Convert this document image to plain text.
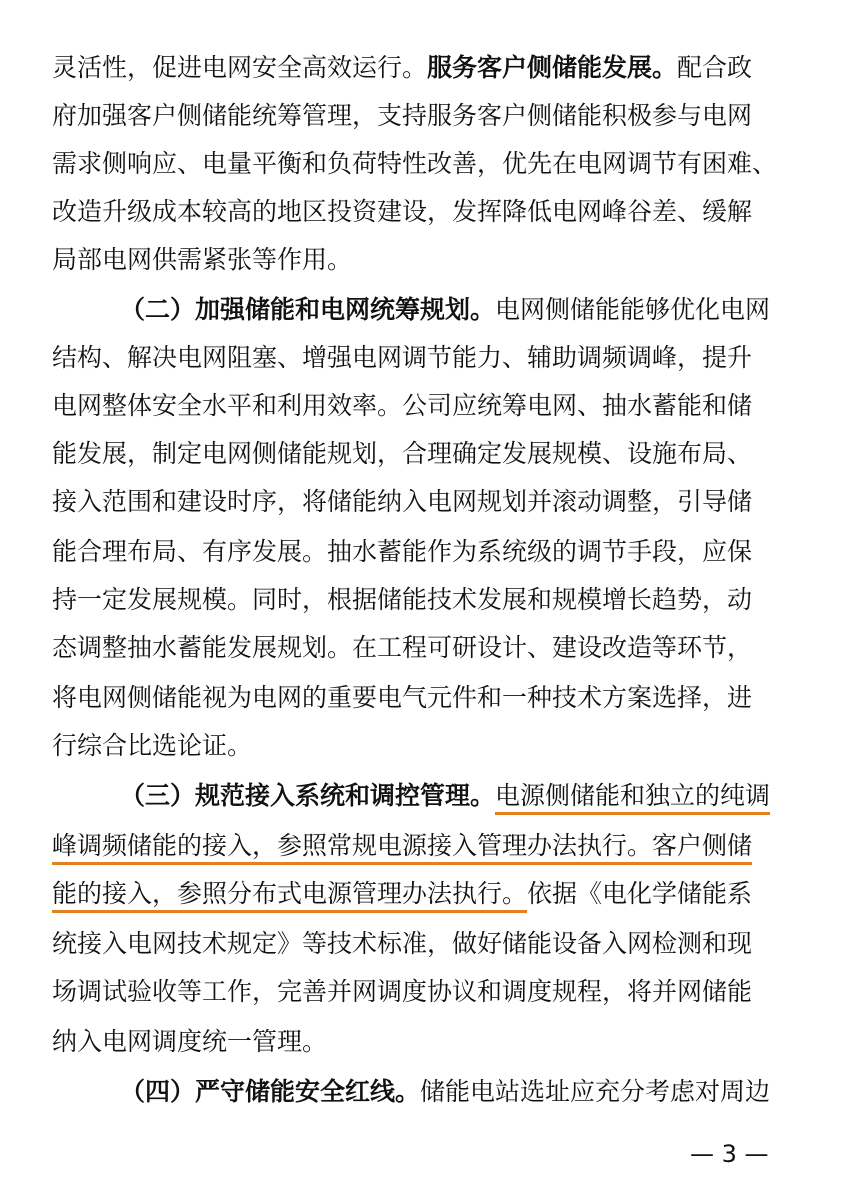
灵活性，促进电网安全高效运行。服务客户侧储能发展。配合政
府加强客户侧储能统筹管理，支持服务客户侧储能积极参与电网
需求侧响应、电量平衡和负荷特性改善，优先在电网调节有困难、
改造升级成本较高的地区投资建设，发挥降低电网峰谷差、缓解
局部电网供需紧张等作用。
（二）加强储能和电网统筹规划。电网侧储能能够优化电网
结构、解决电网阻塞、增强电网调节能力、辅助调频调峰，提升
电网整体安全水平和利用效率。公司应统筹电网、抽水蓄能和储
能发展，制定电网侧储能规划，合理确定发展规模、设施布局、
接入范围和建设时序，将储能纳入电网规划并滚动调整，引导储
能合理布局、有序发展。抽水蓄能作为系统级的调节手段，应保
持一定发展规模。同时，根据储能技术发展和规模增长趋势，动
态调整抽水蓄能发展规划。在工程可研设计、建设改造等环节，
将电网侧储能视为电网的重要电气元件和一种技术方案选择，进
行综合比选论证。
（三）规范接入系统和调控管理。电源侧储能和独立的纯调
峰调频储能的接入，参照常规电源接入管理办法执行。客户侧储
能的接入，参照分布式电源管理办法执行。依据《电化学储能系
统接入电网技术规定》等技术标准，做好储能设备入网检测和现
场调试验收等工作，完善并网调度协议和调度规程，将并网储能
纳入电网调度统一管理。
（四）严守储能安全红线。储能电站选址应充分考虑对周边
— 3 —
